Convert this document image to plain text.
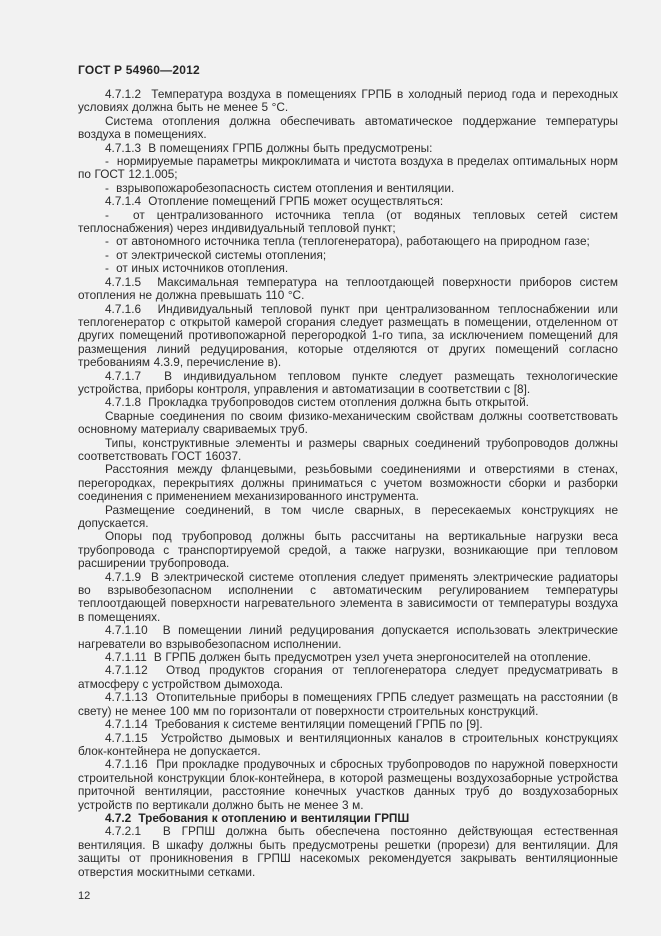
ГОСТ Р 54960—2012

4.7.1.2  Температура воздуха в помещениях ГРПБ в холодный период года и переходных условиях должна быть не менее 5 °С.

Система отопления должна обеспечивать автоматическое поддержание температуры воздуха в помещениях.

4.7.1.3  В помещениях ГРПБ должны быть предусмотрены:

-  нормируемые параметры микроклимата и чистота воздуха в пределах оптимальных норм по ГОСТ 12.1.005;

-  взрывопожаробезопасность систем отопления и вентиляции.

4.7.1.4  Отопление помещений ГРПБ может осуществляться:

-  от централизованного источника тепла (от водяных тепловых сетей систем теплоснабжения) через индивидуальный тепловой пункт;

-  от автономного источника тепла (теплогенератора), работающего на природном газе;

-  от электрической системы отопления;

-  от иных источников отопления.

4.7.1.5  Максимальная температура на теплоотдающей поверхности приборов систем отопления не должна превышать 110 °С.

4.7.1.6  Индивидуальный тепловой пункт при централизованном теплоснабжении или теплогенератор с открытой камерой сгорания следует размещать в помещении, отделенном от других помещений противопожарной перегородкой 1-го типа, за исключением помещений для размещения линий редуцирования, которые отделяются от других помещений согласно требованиям 4.3.9, перечисление в).

4.7.1.7  В индивидуальном тепловом пункте следует размещать технологические устройства, приборы контроля, управления и автоматизации в соответствии с [8].

4.7.1.8  Прокладка трубопроводов систем отопления должна быть открытой.

Сварные соединения по своим физико-механическим свойствам должны соответствовать основному материалу свариваемых труб.

Типы, конструктивные элементы и размеры сварных соединений трубопроводов должны соответствовать ГОСТ 16037.

Расстояния между фланцевыми, резьбовыми соединениями и отверстиями в стенах, перегородках, перекрытиях должны приниматься с учетом возможности сборки и разборки соединения с применением механизированного инструмента.

Размещение соединений, в том числе сварных, в пересекаемых конструкциях не допускается.

Опоры под трубопровод должны быть рассчитаны на вертикальные нагрузки веса трубопровода с транспортируемой средой, а также нагрузки, возникающие при тепловом расширении трубопровода.

4.7.1.9  В электрической системе отопления следует применять электрические радиаторы во взрывобезопасном исполнении с автоматическим регулированием температуры теплоотдающей поверхности нагревательного элемента в зависимости от температуры воздуха в помещениях.

4.7.1.10  В помещении линий редуцирования допускается использовать электрические нагреватели во взрывобезопасном исполнении.

4.7.1.11  В ГРПБ должен быть предусмотрен узел учета энергоносителей на отопление.

4.7.1.12  Отвод продуктов сгорания от теплогенератора следует предусматривать в атмосферу с устройством дымохода.

4.7.1.13  Отопительные приборы в помещениях ГРПБ следует размещать на расстоянии (в свету) не менее 100 мм по горизонтали от поверхности строительных конструкций.

4.7.1.14  Требования к системе вентиляции помещений ГРПБ по [9].

4.7.1.15  Устройство дымовых и вентиляционных каналов в строительных конструкциях блок-контейнера не допускается.

4.7.1.16  При прокладке продувочных и сбросных трубопроводов по наружной поверхности строительной конструкции блок-контейнера, в которой размещены воздухозаборные устройства приточной вентиляции, расстояние конечных участков данных труб до воздухозаборных устройств по вертикали должно быть не менее 3 м.

4.7.2  Требования к отоплению и вентиляции ГРПШ

4.7.2.1  В ГРПШ должна быть обеспечена постоянно действующая естественная вентиляция. В шкафу должны быть предусмотрены решетки (прорези) для вентиляции. Для защиты от проникновения в ГРПШ насекомых рекомендуется закрывать вентиляционные отверстия москитными сетками.

12
